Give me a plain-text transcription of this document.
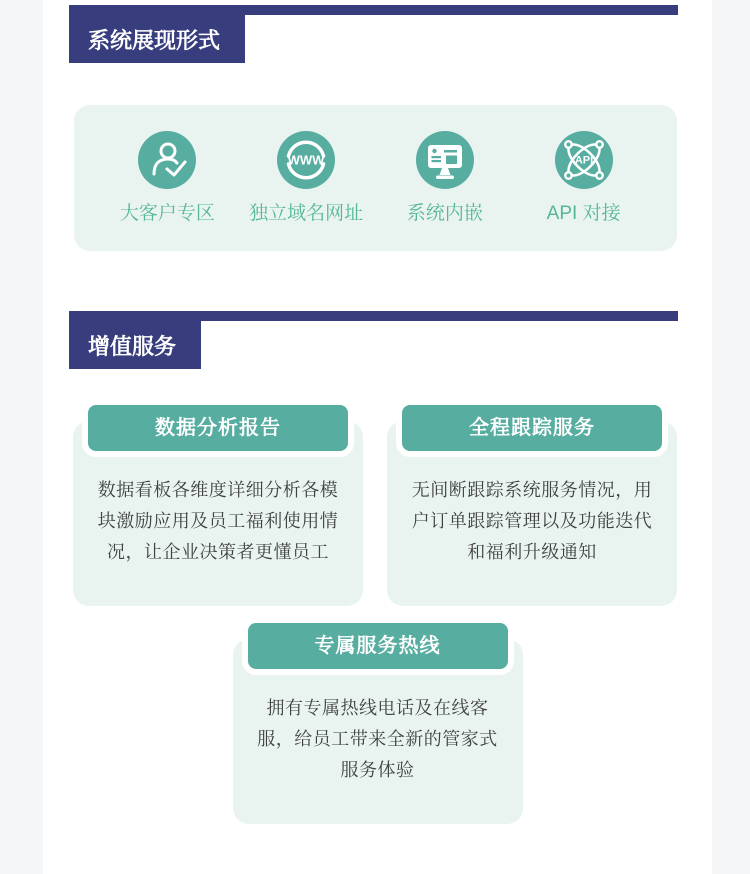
系统展现形式
大客户专区
WWW
独立域名网址 系统内嵌
API
API 对接
增值服务
数据分析报告

数据看板各维度详细分析各模块激励应用及员工福利使用情况，让企业决策者更懂员工

全程跟踪服务

无间断跟踪系统服务情况，用户订单跟踪管理以及功能迭代和福利升级通知

专属服务热线

拥有专属热线电话及在线客服，给员工带来全新的管家式服务体验
